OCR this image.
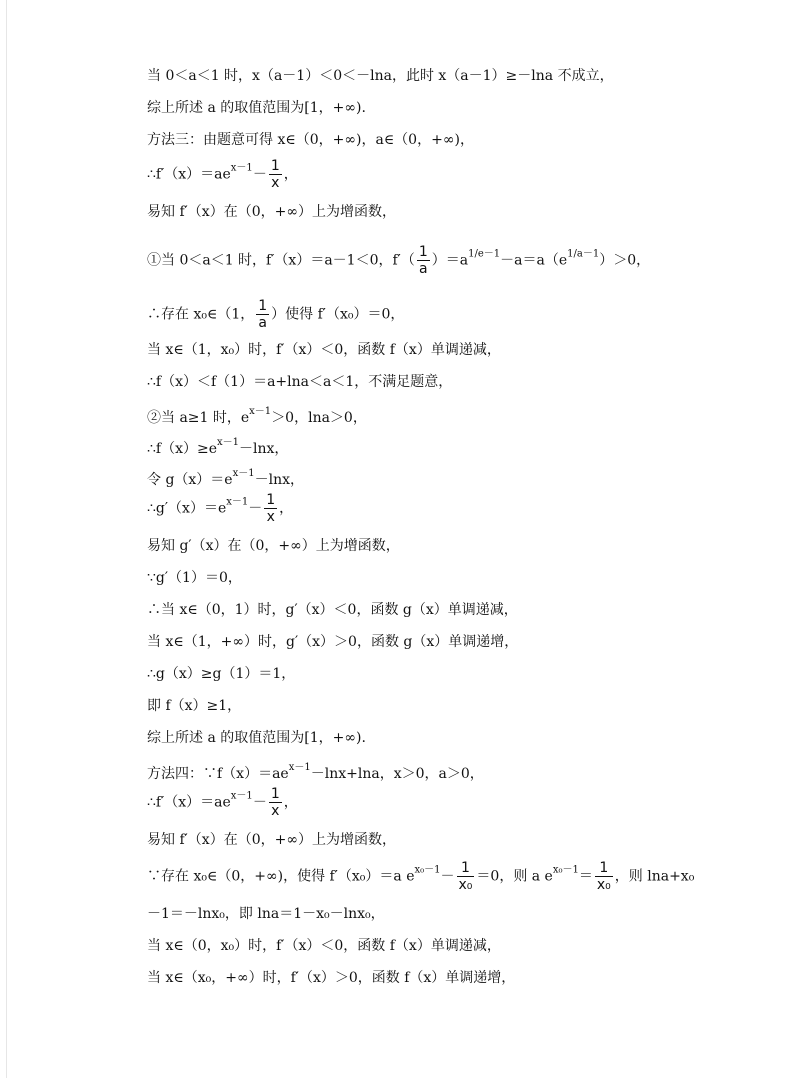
当 0＜a＜1 时，x（a－1）＜0＜－lna，此时 x（a－1）≥－lna 不成立，
综上所述 a 的取值范围为[1，+∞).
方法三：由题意可得 x∈（0，+∞)，a∈（0，+∞)，
$\therefore f'(x)=ae^{x-1}- \frac{1}{x}$ ，
易知 f′（x）在（0，+∞）上为增函数，
①当 0＜a＜1 时，f′（x）＝a－1＜0，$f'( \frac{1}{a} )=a^{1/e-1}-a=a(e^{1/a-1})>0$，
∴存在 x₀∈（1， $\frac{1}{a}$ ）使得 f′（x₀）＝0，
当 x∈（1，x₀）时，f′（x）＜0，函数 f（x）单调递减，
∴f（x）＜f（1）＝a+lna＜a＜1，不满足题意，
②当 a≥1 时，$e^{x-1}>0$，lna＞0，
$\therefore f(x)\ge e^{x-1}-\ln x$，
令 $g(x)=e^{x-1}-\ln x$，
$\therefore g'(x)=e^{x-1}- \frac{1}{x}$ ，
易知 g′（x）在（0，+∞）上为增函数，
∵g′（1）＝0，
∴当 x∈（0，1）时，g′（x）＜0，函数 g（x）单调递减，
当 x∈（1，+∞）时，g′（x）＞0，函数 g（x）单调递增，
∴g（x）≥g（1）＝1，
即 f（x）≥1，
综上所述 a 的取值范围为[1，+∞).
方法四：$\because f(x)=ae^{x-1}-\ln x+\ln a$，x＞0，a＞0，
$\therefore f'(x)=ae^{x-1}- \frac{1}{x}$ ，
易知 f′（x）在（0，+∞）上为增函数，
∵存在 x₀∈（0，+∞)，使得 f′（x₀）＝a $e^{x_0-1}- \frac{1}{\text{x₀}} =0$，则 a $e^{x_0-1}= \frac{1}{\text{x₀}}$ ，则 lna+x₀
－1＝－lnx₀，即 lna＝1－x₀－lnx₀，
当 x∈（0，x₀）时，f′（x）＜0，函数 f（x）单调递减，
当 x∈（x₀，+∞）时，f′（x）＞0，函数 f（x）单调递增，
